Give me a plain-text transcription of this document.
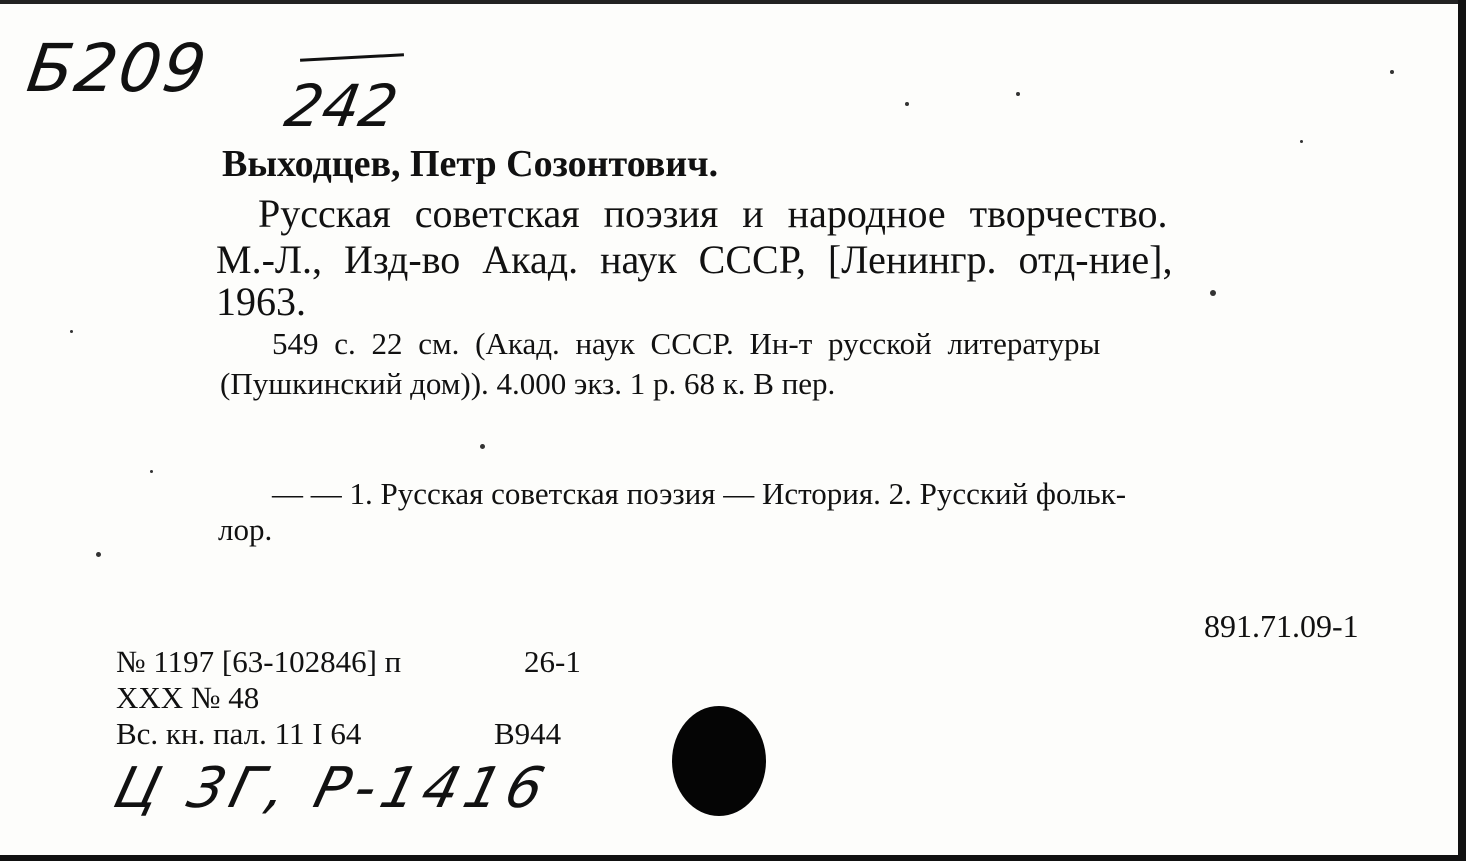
Б209 242
Выходцев, Петр Созонтович.
Русская советская поэзия и народное творчество.
М.-Л., Изд-во Акад. наук СССР, [Ленингр. отд-ние],
1963.
549 с. 22 см. (Акад. наук СССР. Ин-т русской литературы
(Пушкинский дом)). 4.000 экз. 1 р. 68 к. В пер.
— — 1. Русская советская поэзия — История. 2. Русский фольк-
лор.
891.71.09-1
№ 1197 [63-102846] п	26-1
XXX № 48
Вс. кн. пал. 11 I 64	В944
Ц 3Г, Р-1416
